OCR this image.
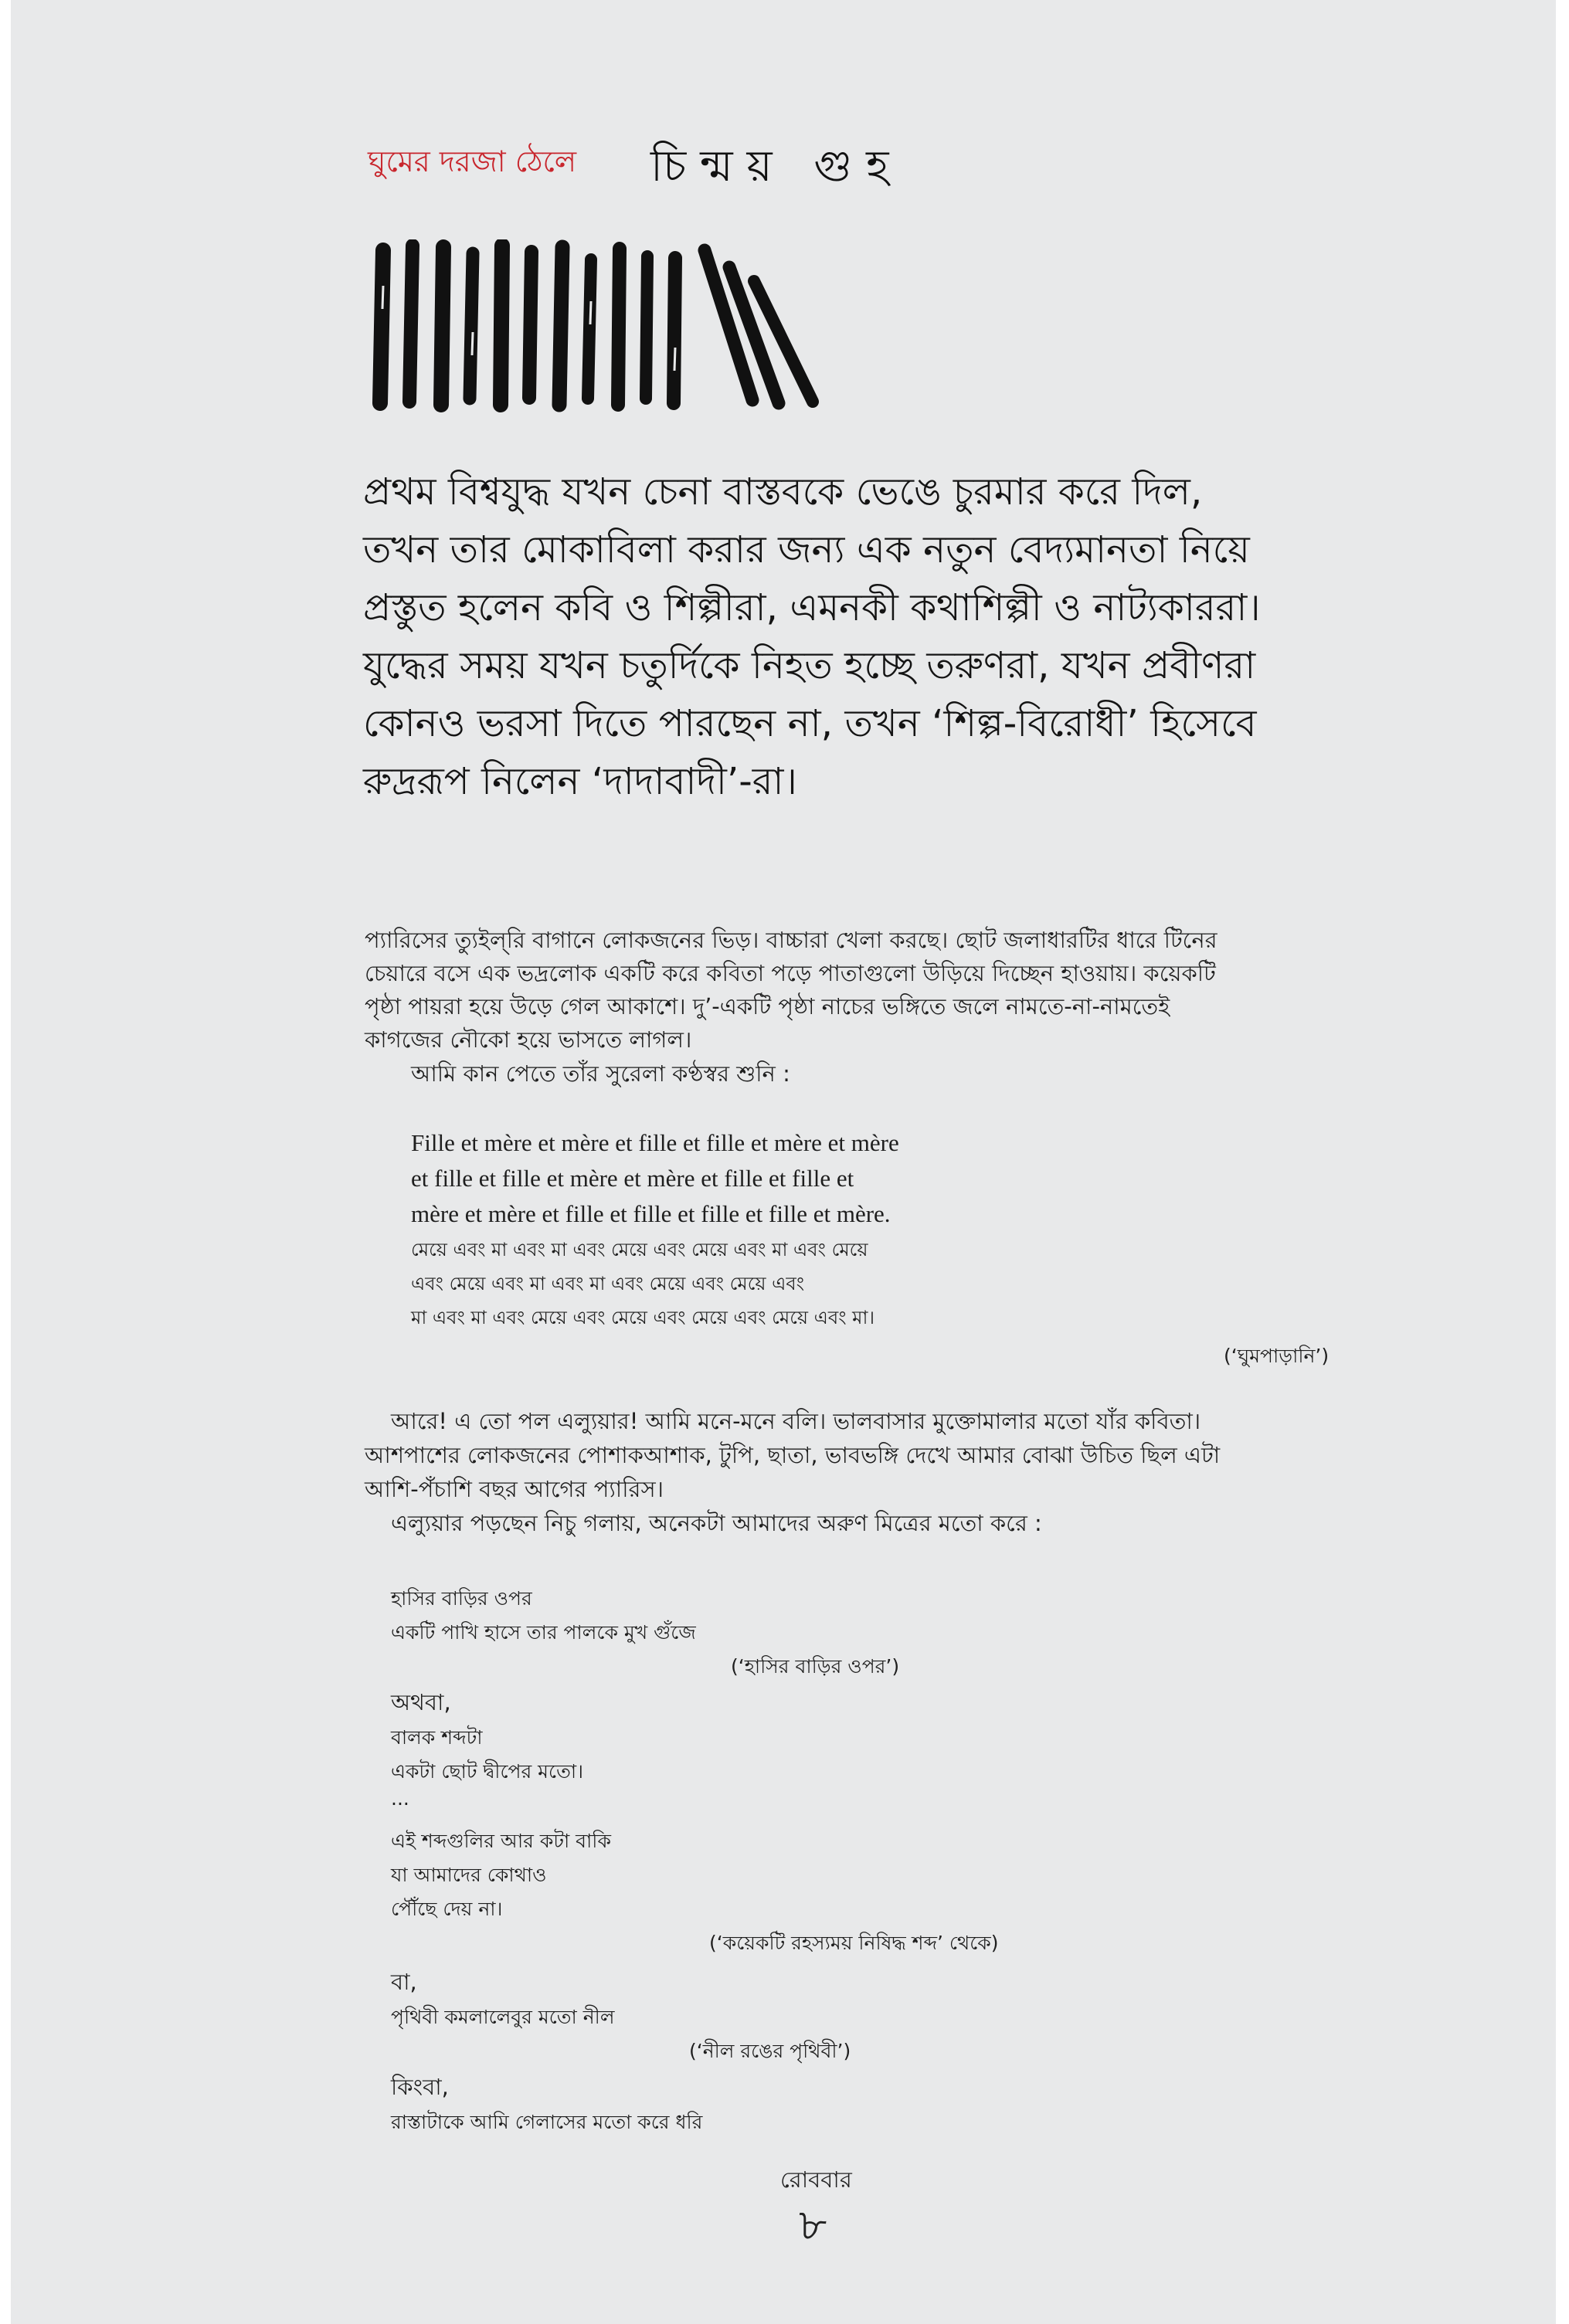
ঘুমের দরজা ঠেলে চিন্ময় গুহ
প্রথম বিশ্বযুদ্ধ যখন চেনা বাস্তবকে ভেঙে চুরমার করে দিল,
তখন তার মোকাবিলা করার জন্য এক নতুন বেদ্যমানতা নিয়ে
প্রস্তুত হলেন কবি ও শিল্পীরা, এমনকী কথাশিল্পী ও নাট্যকাররা।
যুদ্ধের সময় যখন চতুর্দিকে নিহত হচ্ছে তরুণরা, যখন প্রবীণরা
কোনও ভরসা দিতে পারছেন না, তখন ‘শিল্প-বিরোধী’ হিসেবে
রুদ্ররূপ নিলেন ‘দাদাবাদী’-রা।
প্যারিসের ত্যুইল্‌রি বাগানে লোকজনের ভিড়। বাচ্চারা খেলা করছে। ছোট জলাধারটির ধারে টিনের
চেয়ারে বসে এক ভদ্রলোক একটি করে কবিতা পড়ে পাতাগুলো উড়িয়ে দিচ্ছেন হাওয়ায়। কয়েকটি
পৃষ্ঠা পায়রা হয়ে উড়ে গেল আকাশে। দু’-একটি পৃষ্ঠা নাচের ভঙ্গিতে জলে নামতে-না-নামতেই
কাগজের নৌকো হয়ে ভাসতে লাগল।
আমি কান পেতে তাঁর সুরেলা কণ্ঠস্বর শুনি :
Fille et mère et mère et fille et fille et mère et mère
et fille et fille et mère et mère et fille et fille et
mère et mère et fille et fille et fille et fille et mère.
মেয়ে এবং মা এবং মা এবং মেয়ে এবং মেয়ে এবং মা এবং মেয়ে
এবং মেয়ে এবং মা এবং মা এবং মেয়ে এবং মেয়ে এবং
মা এবং মা এবং মেয়ে এবং মেয়ে এবং মেয়ে এবং মেয়ে এবং মা।
(‘ঘুমপাড়ানি’)
আরে! এ তো পল এল্যুয়ার! আমি মনে-মনে বলি। ভালবাসার মুক্তোমালার মতো যাঁর কবিতা।
আশপাশের লোকজনের পোশাকআশাক, টুপি, ছাতা, ভাবভঙ্গি দেখে আমার বোঝা উচিত ছিল এটা
আশি-পঁচাশি বছর আগের প্যারিস।
এল্যুয়ার পড়ছেন নিচু গলায়, অনেকটা আমাদের অরুণ মিত্রের মতো করে :
হাসির বাড়ির ওপর
একটি পাখি হাসে তার পালকে মুখ গুঁজে
(‘হাসির বাড়ির ওপর’)
অথবা,
বালক শব্দটা
একটা ছোট দ্বীপের মতো।
...
এই শব্দগুলির আর কটা বাকি
যা আমাদের কোথাও
পৌঁছে দেয় না।
(‘কয়েকটি রহস্যময় নিষিদ্ধ শব্দ’ থেকে)
বা,
পৃথিবী কমলালেবুর মতো নীল
(‘নীল রঙের পৃথিবী’)
কিংবা,
রাস্তাটাকে আমি গেলাসের মতো করে ধরি
রোববার
৮
